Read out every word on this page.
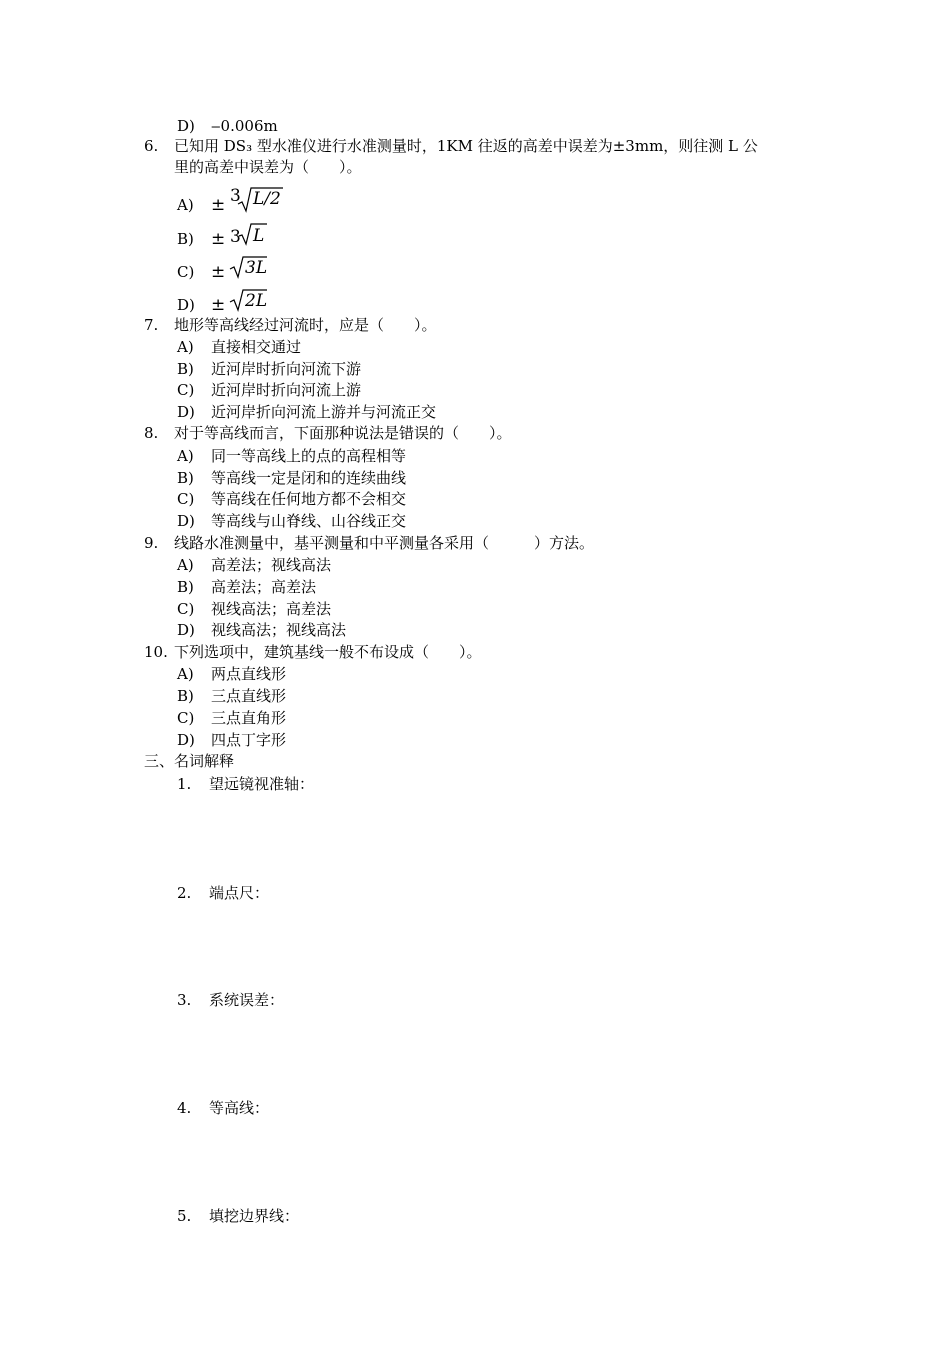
D) ‒0.006m
6. 已知用 DS₃ 型水准仪进行水准测量时，1KM 往返的高差中误差为±3mm，则往测 L 公
里的高差中误差为（　　）。
A) ± 3 L/2
B) ± 3 L
C) ± 3L
D) ± 2L
7. 地形等高线经过河流时，应是（　　）。
A) 直接相交通过
B) 近河岸时折向河流下游
C) 近河岸时折向河流上游
D) 近河岸折向河流上游并与河流正交
8. 对于等高线而言，下面那种说法是错误的（　　）。
A) 同一等高线上的点的高程相等
B) 等高线一定是闭和的连续曲线
C) 等高线在任何地方都不会相交
D) 等高线与山脊线、山谷线正交
9. 线路水准测量中，基平测量和中平测量各采用（　　　）方法。
A) 高差法；视线高法
B) 高差法；高差法
C) 视线高法；高差法
D) 视线高法；视线高法
10. 下列选项中，建筑基线一般不布设成（　　）。
A) 两点直线形
B) 三点直线形
C) 三点直角形
D) 四点丁字形
三、名词解释
1. 望远镜视准轴：
2. 端点尺：
3. 系统误差：
4. 等高线：
5. 填挖边界线：
